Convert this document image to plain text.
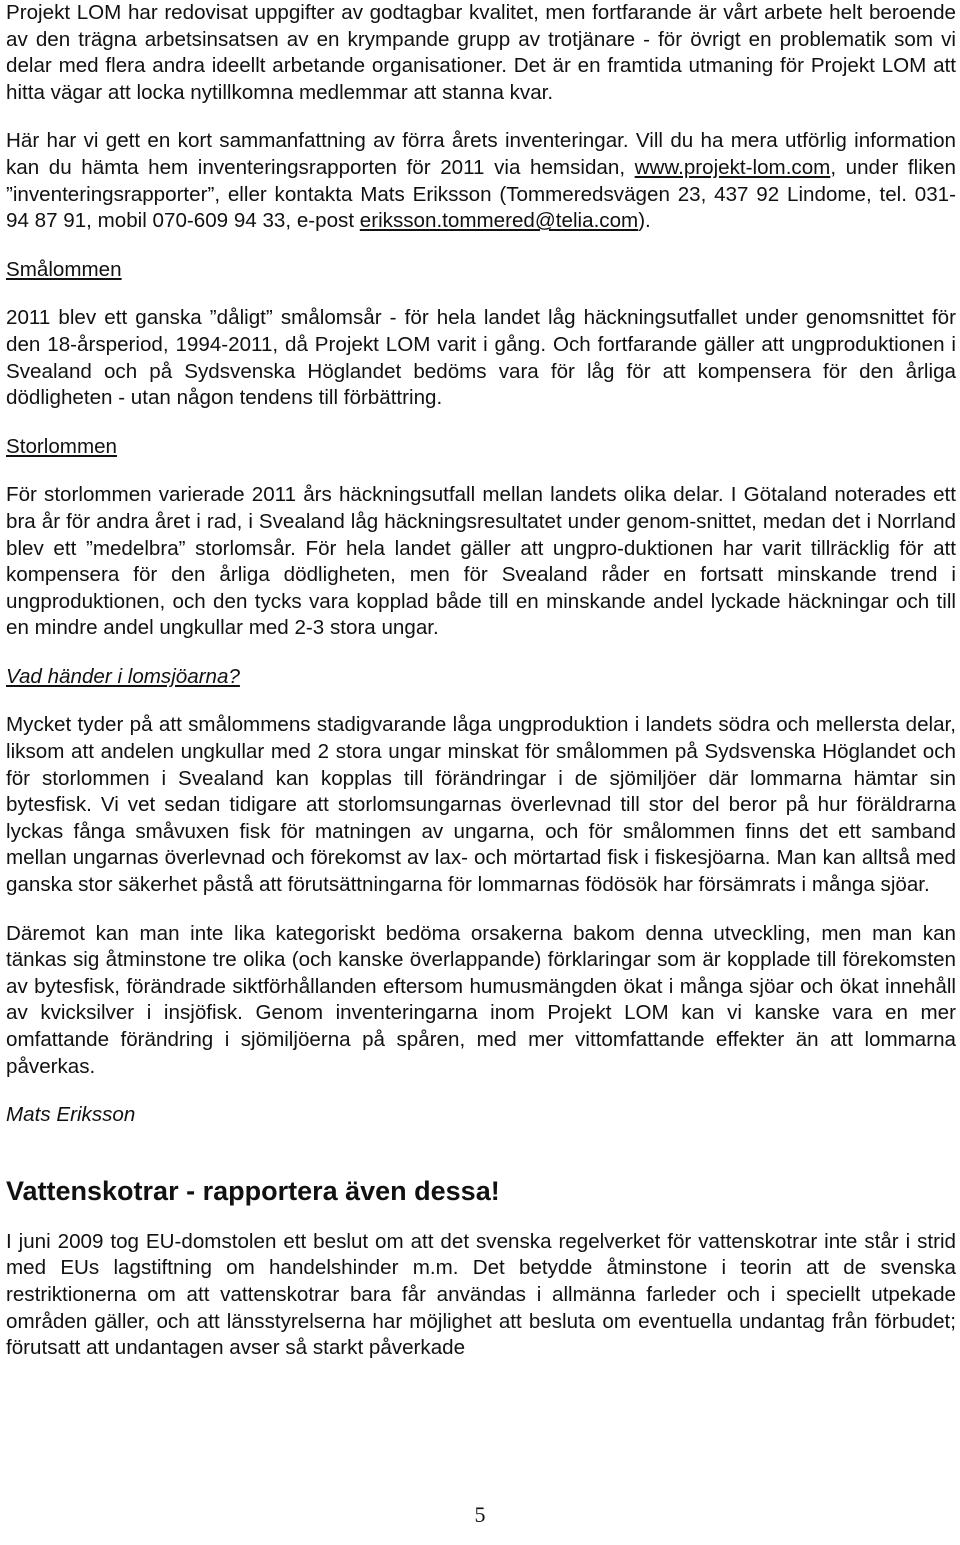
Projekt LOM har redovisat uppgifter av godtagbar kvalitet, men fortfarande är vårt arbete helt beroende av den trägna arbetsinsatsen av en krympande grupp av trotjänare - för övrigt en problematik som vi delar med flera andra ideellt arbetande organisationer. Det är en framtida utmaning för Projekt LOM att hitta vägar att locka nytillkomna medlemmar att stanna kvar.

Här har vi gett en kort sammanfattning av förra årets inventeringar. Vill du ha mera utförlig information kan du hämta hem inventeringsrapporten för 2011 via hemsidan, www.projekt-lom.com, under fliken ”inventeringsrapporter”, eller kontakta Mats Eriksson (Tommeredsvägen 23, 437 92 Lindome, tel. 031-94 87 91, mobil 070-609 94 33, e-post eriksson.tommered@telia.com).

Smålommen

2011 blev ett ganska ”dåligt” smålomsår - för hela landet låg häckningsutfallet under genomsnittet för den 18-årsperiod, 1994-2011, då Projekt LOM varit i gång. Och fortfarande gäller att ungproduktionen i Svealand och på Sydsvenska Höglandet bedöms vara för låg för att kompensera för den årliga dödligheten - utan någon tendens till förbättring.

Storlommen

För storlommen varierade 2011 års häckningsutfall mellan landets olika delar. I Götaland noterades ett bra år för andra året i rad, i Svealand låg häckningsresultatet under genom-snittet, medan det i Norrland blev ett ”medelbra” storlomsår. För hela landet gäller att ungpro-duktionen har varit tillräcklig för att kompensera för den årliga dödligheten, men för Svealand råder en fortsatt minskande trend i ungproduktionen, och den tycks vara kopplad både till en minskande andel lyckade häckningar och till en mindre andel ungkullar med 2-3 stora ungar.

Vad händer i lomsjöarna?

Mycket tyder på att smålommens stadigvarande låga ungproduktion i landets södra och mellersta delar, liksom att andelen ungkullar med 2 stora ungar minskat för smålommen på Sydsvenska Höglandet och för storlommen i Svealand kan kopplas till förändringar i de sjömiljöer där lommarna hämtar sin bytesfisk. Vi vet sedan tidigare att storlomsungarnas överlevnad till stor del beror på hur föräldrarna lyckas fånga småvuxen fisk för matningen av ungarna, och för smålommen finns det ett samband mellan ungarnas överlevnad och förekomst av lax- och mörtartad fisk i fiskesjöarna. Man kan alltså med ganska stor säkerhet påstå att förutsättningarna för lommarnas födösök har försämrats i många sjöar.

Däremot kan man inte lika kategoriskt bedöma orsakerna bakom denna utveckling, men man kan tänkas sig åtminstone tre olika (och kanske överlappande) förklaringar som är kopplade till förekomsten av bytesfisk, förändrade siktförhållanden eftersom humusmängden ökat i många sjöar och ökat innehåll av kvicksilver i insjöfisk. Genom inventeringarna inom Projekt LOM kan vi kanske vara en mer omfattande förändring i sjömiljöerna på spåren, med mer vittomfattande effekter än att lommarna påverkas.

Mats Eriksson
Vattenskotrar - rapportera även dessa!

I juni 2009 tog EU-domstolen ett beslut om att det svenska regelverket för vattenskotrar inte står i strid med EUs lagstiftning om handelshinder m.m. Det betydde åtminstone i teorin att de svenska restriktionerna om att vattenskotrar bara får användas i allmänna farleder och i speciellt utpekade områden gäller, och att länsstyrelserna har möjlighet att besluta om eventuella undantag från förbudet; förutsatt att undantagen avser så starkt påverkade

5
